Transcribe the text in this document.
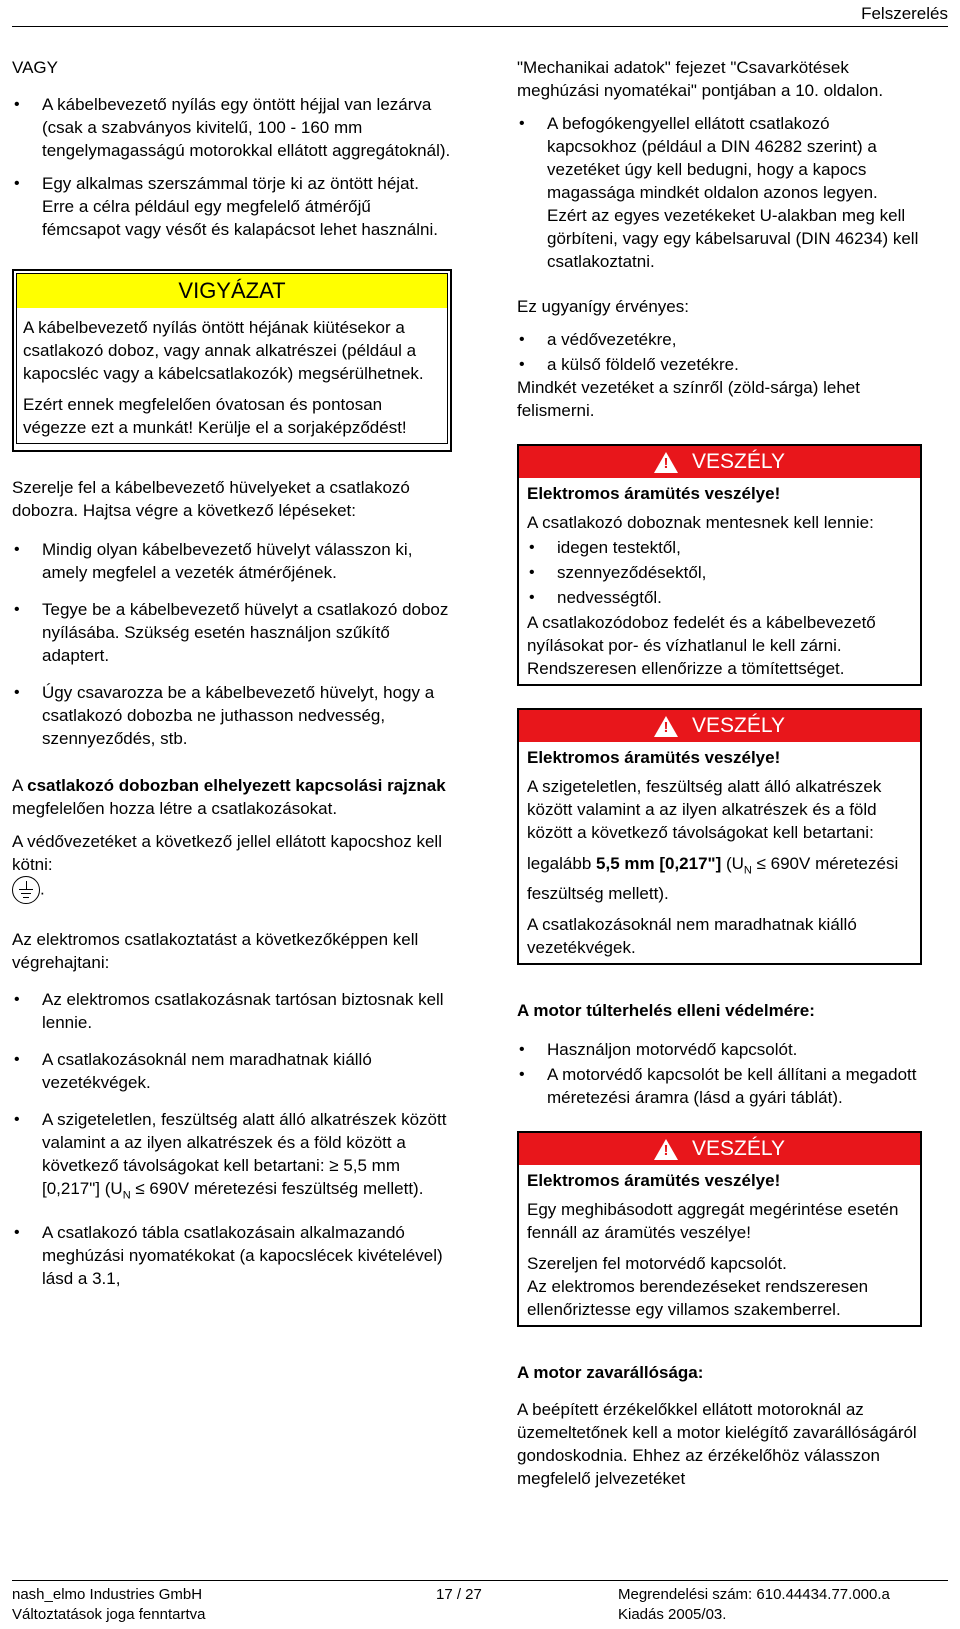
Felszerelés

VAGY

• A kábelbevezető nyílás egy öntött héjjal van lezárva (csak a szabványos kivitelű, 100 - 160 mm tengelymagasságú motorokkal ellátott aggregátoknál).
• Egy alkalmas szerszámmal törje ki az öntött héjat. Erre a célra például egy megfelelő átmérőjű fémcsapot vagy vésőt és kalapácsot lehet használni.
VIGYÁZAT

A kábelbevezető nyílás öntött héjának kiütésekor a csatlakozó doboz, vagy annak alkatrészei (például a kapocsléc vagy a kábelcsatlakozók) megsérülhetnek.

Ezért ennek megfelelően óvatosan és pontosan végezze ezt a munkát! Kerülje el a sorjaképződést!

Szerelje fel a kábelbevezető hüvelyeket a csatlakozó dobozra. Hajtsa végre a következő lépéseket:

• Mindig olyan kábelbevezető hüvelyt válasszon ki, amely megfelel a vezeték átmérőjének.
• Tegye be a kábelbevezető hüvelyt a csatlakozó doboz nyílásába. Szükség esetén használjon szűkítő adaptert.
• Úgy csavarozza be a kábelbevezető hüvelyt, hogy a csatlakozó dobozba ne juthasson nedvesség, szennyeződés, stb.

A csatlakozó dobozban elhelyezett kapcsolási rajznak megfelelően hozza létre a csatlakozásokat.

A védővezetéket a következő jellel ellátott kapocshoz kell kötni:

.

Az elektromos csatlakoztatást a következőképpen kell végrehajtani:

• Az elektromos csatlakozásnak tartósan biztosnak kell lennie.
• A csatlakozásoknál nem maradhatnak kiálló vezetékvégek.
• A szigeteletlen, feszültség alatt álló alkatrészek között valamint a az ilyen alkatrészek és a föld között a következő távolságokat kell betartani: ≥ 5,5 mm [0,217"] ($U_N \le 690V$ méretezési feszültség mellett).
• A csatlakozó tábla csatlakozásain alkalmazandó meghúzási nyomatékokat (a kapocslécek kivételével) lásd a 3.1,

"Mechanikai adatok" fejezet "Csavarkötések meghúzási nyomatékai" pontjában a 10. oldalon.

• A befogókengyellel ellátott csatlakozó kapcsokhoz (például a DIN 46282 szerint) a vezetéket úgy kell bedugni, hogy a kapocs magassága mindkét oldalon azonos legyen. Ezért az egyes vezetékeket U-alakban meg kell görbíteni, vagy egy kábelsaruval (DIN 46234) kell csatlakoztatni.

Ez ugyanígy érvényes:

• a védővezetékre,
• a külső földelő vezetékre.

Mindkét vezetéket a színről (zöld-sárga) lehet felismerni.

! VESZÉLY

Elektromos áramütés veszélye!

A csatlakozó doboznak mentesnek kell lennie:

• idegen testektől,
• szennyeződésektől,
• nedvességtől.

A csatlakozódoboz fedelét és a kábelbevezető nyílásokat por- és vízhatlanul le kell zárni. Rendszeresen ellenőrizze a tömítettséget.

! VESZÉLY

Elektromos áramütés veszélye!

A szigeteletlen, feszültség alatt álló alkatrészek között valamint a az ilyen alkatrészek és a föld között a következő távolságokat kell betartani:

legalább 5,5 mm [0,217"] ($U_N \le 690V$ méretezési feszültség mellett).

A csatlakozásoknál nem maradhatnak kiálló vezetékvégek.

A motor túlterhelés elleni védelmére:

• Használjon motorvédő kapcsolót.
• A motorvédő kapcsolót be kell állítani a megadott méretezési áramra (lásd a gyári táblát).
! VESZÉLY

Elektromos áramütés veszélye!

Egy meghibásodott aggregát megérintése esetén fennáll az áramütés veszélye!

Szereljen fel motorvédő kapcsolót.

Az elektromos berendezéseket rendszeresen ellenőriztesse egy villamos szakemberrel.

A motor zavarállósága:

A beépített érzékelőkkel ellátott motoroknál az üzemeltetőnek kell a motor kielégítő zavarállóságáról gondoskodnia. Ehhez az érzékelőhöz válasszon megfelelő jelvezetéket

nash_elmo Industries GmbH
Változtatások joga fenntartva
17 / 27	Megrendelési szám: 610.44434.77.000.a
Kiadás 2005/03.
